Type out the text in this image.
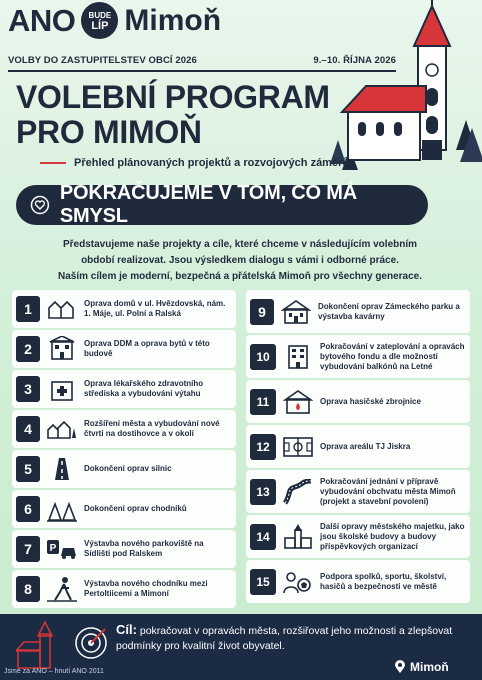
ANO BUDE
LÍP Mimoň
VOLBY DO ZASTUPITELSTEV OBCÍ 2026	9.–10. ŘÍJNA 2026
VOLEBNÍ PROGRAM
PRO MIMOŇ
Přehled plánovaných projektů a rozvojových záměrů
POKRAČUJEME V TOM, CO MÁ SMYSL
Představujeme naše projekty a cíle, které chceme v následujícím volebním
období realizovat. Jsou výsledkem dialogu s vámi i odborné práce.
Naším cílem je moderní, bezpečná a přátelská Mimoň pro všechny generace.
1	Oprava domů v ul. Hvězdovská, nám. 1. Máje, ul. Polní a Ralská
2	Oprava DDM a oprava bytů v této budově
3	Oprava lékařského zdravotního střediska a vybudování výtahu
4	Rozšíření města a vybudování nové čtvrti na dostihovce a v okolí
5	Dokončení oprav silnic
6	Dokončení oprav chodníků
7	P	Výstavba nového parkoviště na Sídlišti pod Ralskem
8	Výstavba nového chodníku mezi Pertoltiicemi a Mimoní
9	Dokončení oprav Zámeckého parku a výstavba kavárny
10
Pokračování v zateplování a opravách bytového fondu a dle možností vybudování balkónů na Letné
11	Oprava hasičské zbrojnice
12	Oprava areálu TJ Jiskra
13
Pokračování jednání v přípravě vybudování obchvatu města Mimoň (projekt a stavební povolení)
14
Další opravy městského majetku, jako jsou školské budovy a budovy příspěvkových organizací
15	Podpora spolků, sportu, školství, hasičů a bezpečnosti ve městě
Cíl: pokračovat v opravách města, rozšiřovat jeho možnosti a zlepšovat podmínky pro kvalitní život obyvatel.
Jsme za ANO – hnutí ANO 2011	Mimoň
